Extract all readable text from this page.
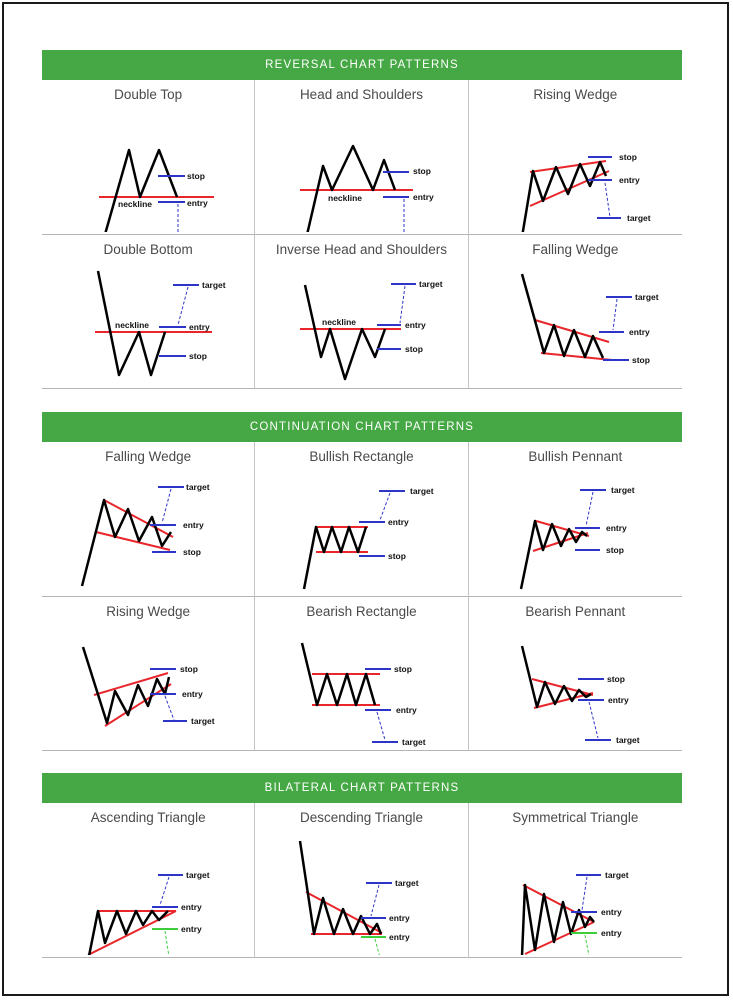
REVERSAL CHART PATTERNS
Double Top
neckline
stop
entry
Head and Shoulders
neckline
stop
entry
Rising Wedge
stop
entry
target
Double Bottom
neckline
target
entry
stop
Inverse Head and Shoulders
neckline
target
entry
stop
Falling Wedge
target
entry
stop
CONTINUATION CHART PATTERNS
Falling Wedge
target
entry
stop
Bullish Rectangle
target
entry
stop
Bullish Pennant
target
entry
stop
Rising Wedge
stop
entry
target
Bearish Rectangle
stop
entry
target
Bearish Pennant
stop
entry
target
BILATERAL CHART PATTERNS
Ascending Triangle
target
entry
entry
Descending Triangle
target
entry
entry
Symmetrical Triangle
target
entry
entry
